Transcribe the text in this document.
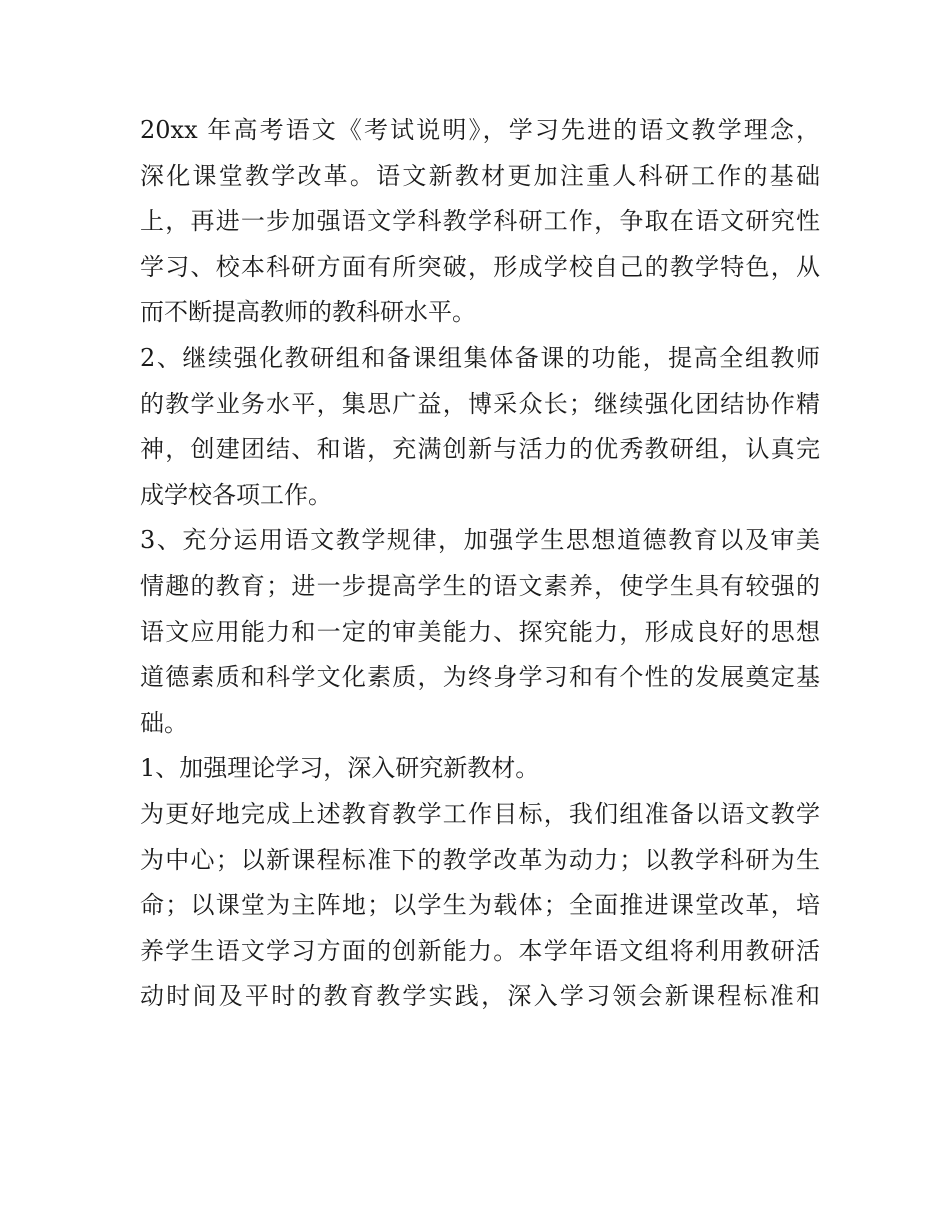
20xx 年高考语文《考试说明》，学习先进的语文教学理念，
深化课堂教学改革。语文新教材更加注重人科研工作的基础
上，再进一步加强语文学科教学科研工作，争取在语文研究性
学习、校本科研方面有所突破，形成学校自己的教学特色，从
而不断提高教师的教科研水平。
2、继续强化教研组和备课组集体备课的功能，提高全组教师
的教学业务水平，集思广益，博采众长；继续强化团结协作精
神，创建团结、和谐，充满创新与活力的优秀教研组，认真完
成学校各项工作。
3、充分运用语文教学规律，加强学生思想道德教育以及审美
情趣的教育；进一步提高学生的语文素养，使学生具有较强的
语文应用能力和一定的审美能力、探究能力，形成良好的思想
道德素质和科学文化素质，为终身学习和有个性的发展奠定基
础。
1、加强理论学习，深入研究新教材。
为更好地完成上述教育教学工作目标，我们组准备以语文教学
为中心；以新课程标准下的教学改革为动力；以教学科研为生
命；以课堂为主阵地；以学生为载体；全面推进课堂改革，培
养学生语文学习方面的创新能力。本学年语文组将利用教研活
动时间及平时的教育教学实践，深入学习领会新课程标准和
